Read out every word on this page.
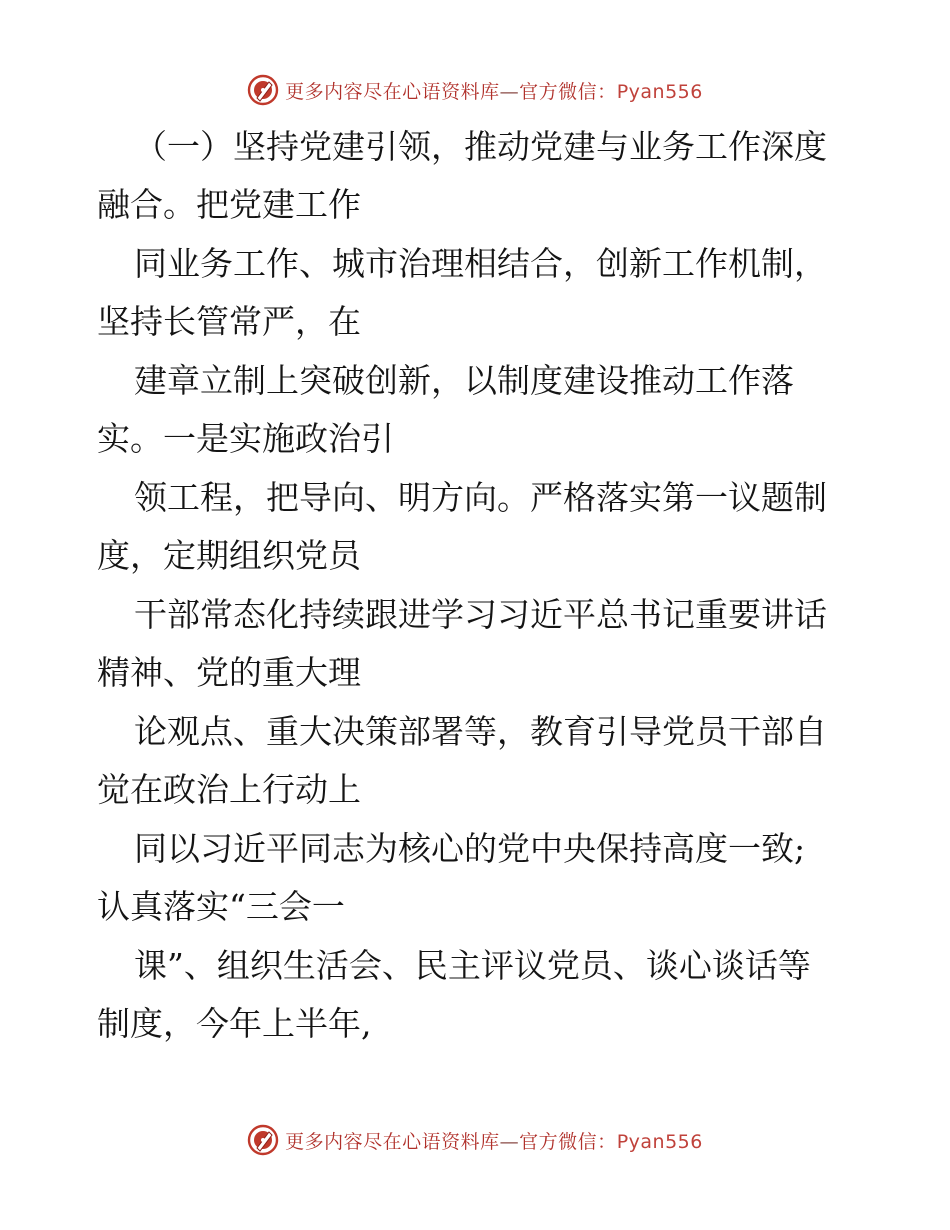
更多内容尽在心语资料库—官方微信：Pyan556
（一）坚持党建引领，推动党建与业务工作深度
融合。把党建工作
同业务工作、城市治理相结合，创新工作机制，
坚持长管常严，在
建章立制上突破创新，以制度建设推动工作落
实。一是实施政治引
领工程，把导向、明方向。严格落实第一议题制
度，定期组织党员
干部常态化持续跟进学习习近平总书记重要讲话
精神、党的重大理
论观点、重大决策部署等，教育引导党员干部自
觉在政治上行动上
同以习近平同志为核心的党中央保持高度一致;
认真落实“三会一
课”、组织生活会、民主评议党员、谈心谈话等
制度，今年上半年,
更多内容尽在心语资料库—官方微信：Pyan556
